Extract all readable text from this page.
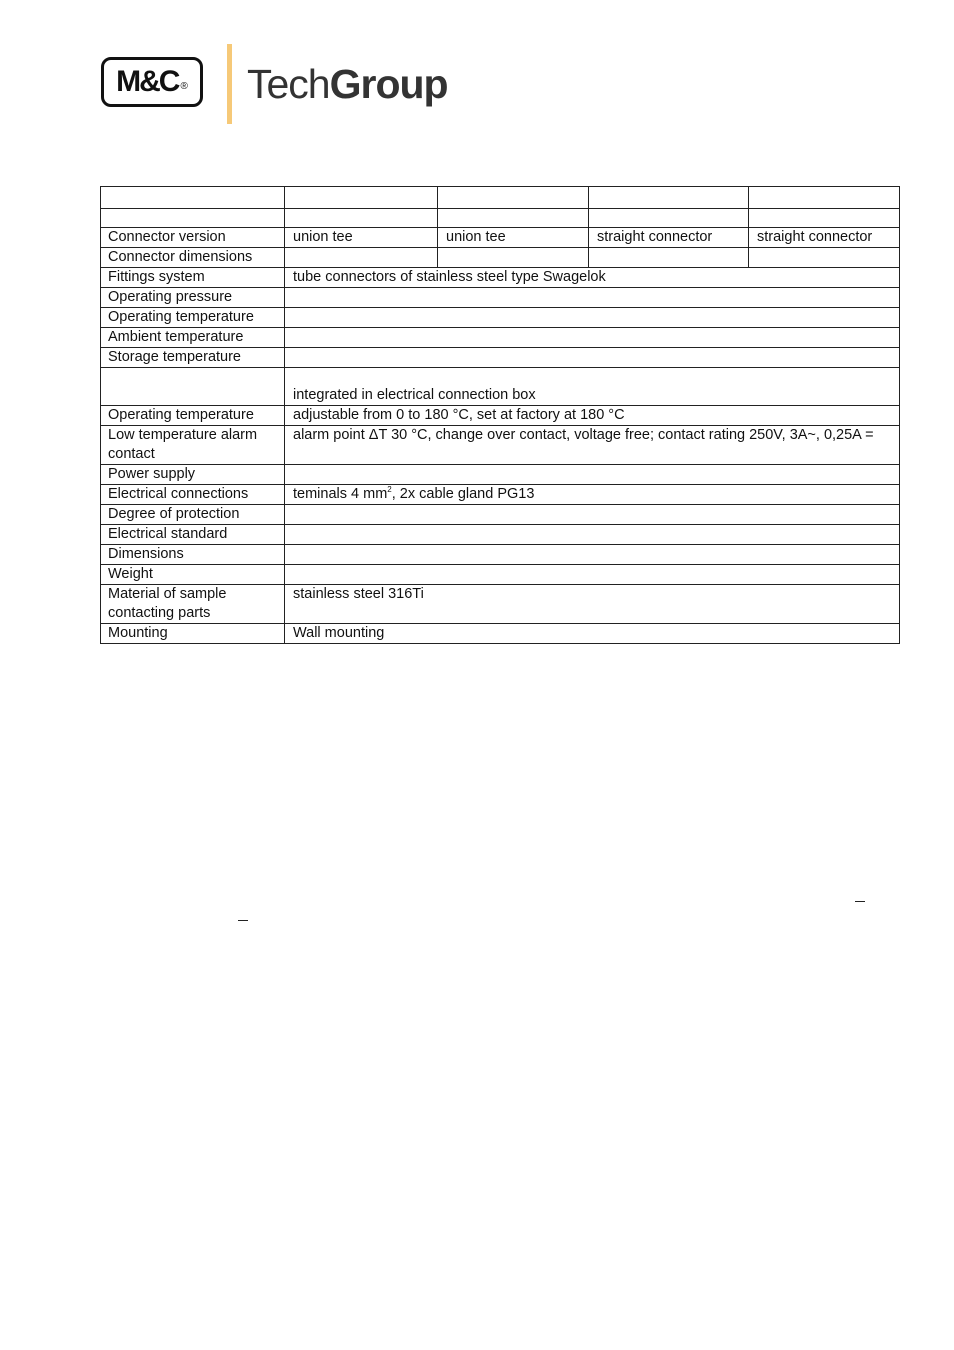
M&C ® TechGroup

Connector version	union tee	union tee	straight connector	straight connector
Connector dimensions				
Fittings system	tube connectors of stainless steel type Swagelok			
Operating pressure				
Operating temperature				
Ambient temperature				
Storage temperature				
	integrated in electrical connection box			
Operating temperature	adjustable from 0 to 180 °C, set at factory at 180 °C			
Low temperature alarm contact	alarm point ΔT 30 °C, change over contact, voltage free; contact rating 250V, 3A~, 0,25A =			
Power supply				
Electrical connections	teminals 4 $mm^2$, 2x cable gland PG13			
Degree of protection				
Electrical standard				
Dimensions				
Weight				
Material of sample contacting parts	stainless steel 316Ti			
Mounting	Wall mounting			
